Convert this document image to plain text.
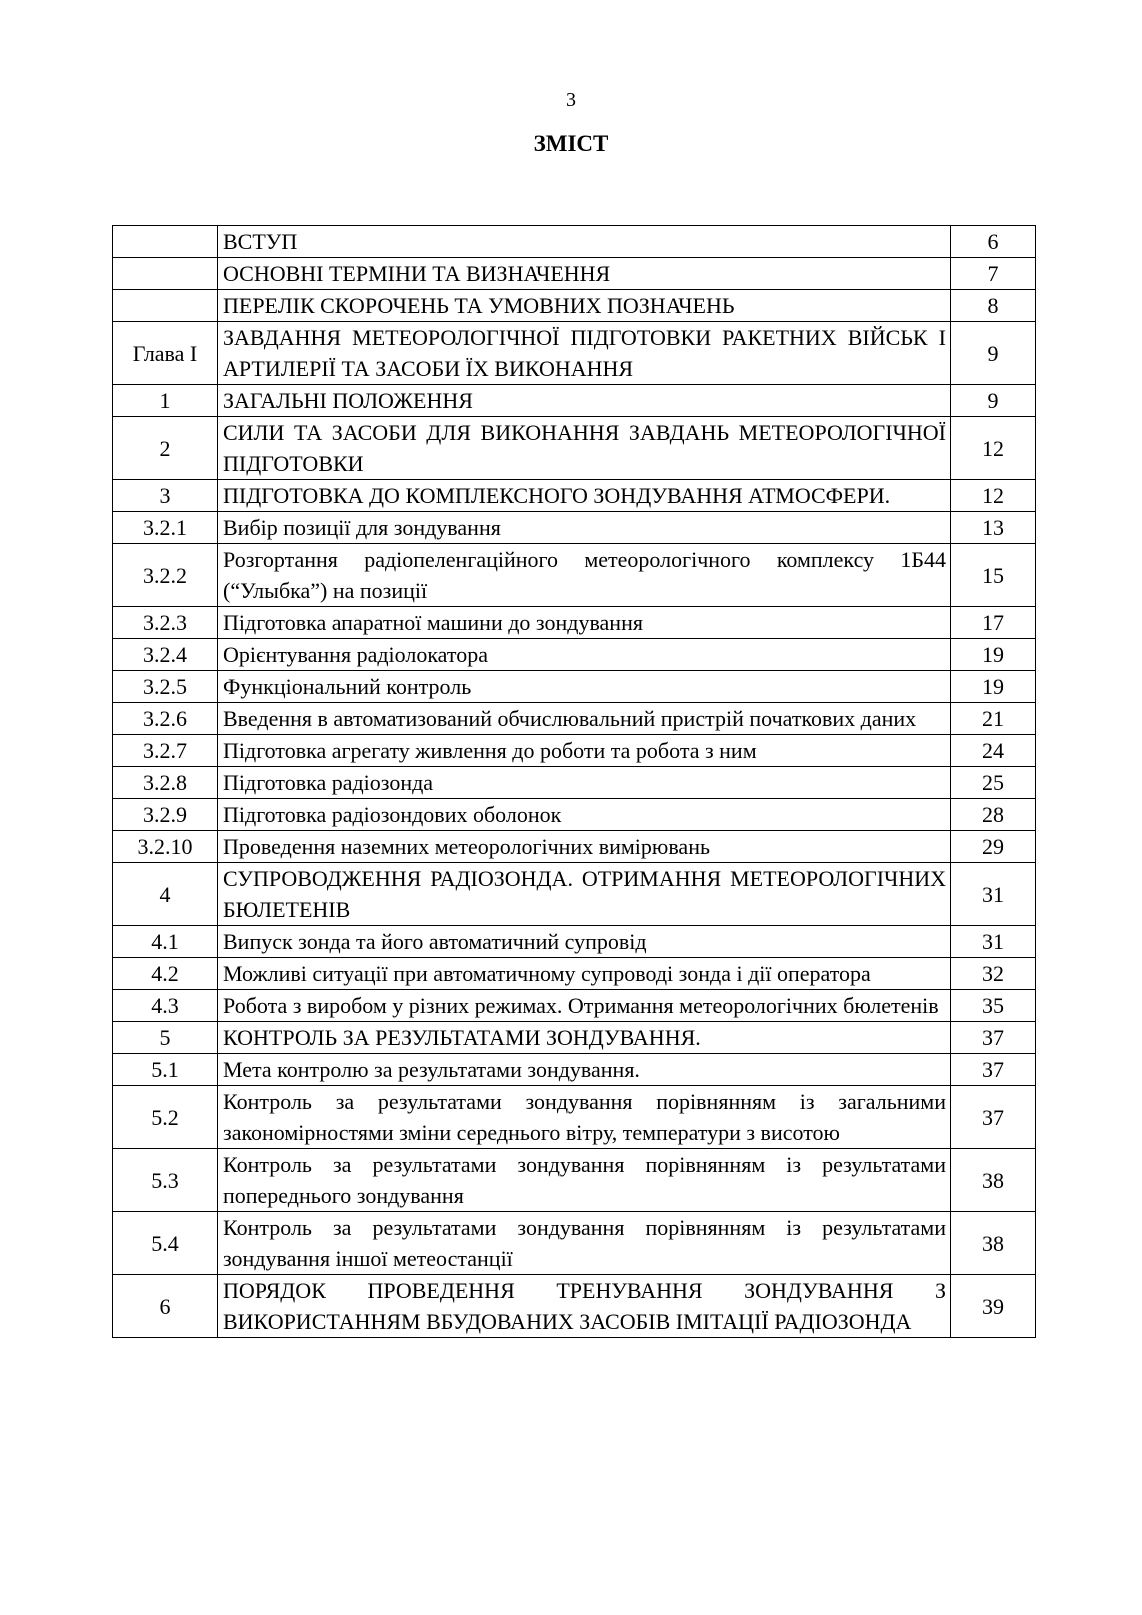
3
ЗМІСТ
	ВСТУП	6
	ОСНОВНІ ТЕРМІНИ ТА ВИЗНАЧЕННЯ	7
	ПЕРЕЛІК СКОРОЧЕНЬ ТА УМОВНИХ ПОЗНАЧЕНЬ	8
Глава І	ЗАВДАННЯ МЕТЕОРОЛОГІЧНОЇ ПІДГОТОВКИ РАКЕТНИХ ВІЙСЬК І АРТИЛЕРІЇ ТА ЗАСОБИ ЇХ ВИКОНАННЯ	9
1	ЗАГАЛЬНІ ПОЛОЖЕННЯ	9
2	СИЛИ ТА ЗАСОБИ ДЛЯ ВИКОНАННЯ ЗАВДАНЬ МЕТЕОРОЛОГІЧНОЇ ПІДГОТОВКИ	12
3	ПІДГОТОВКА ДО КОМПЛЕКСНОГО ЗОНДУВАННЯ АТМОСФЕРИ.	12
3.2.1	Вибір позиції для зондування	13
3.2.2	Розгортання радіопеленгаційного метеорологічного комплексу 1Б44 (“Улыбка”) на позиції	15
3.2.3	Підготовка апаратної машини до зондування	17
3.2.4	Орієнтування радіолокатора	19
3.2.5	Функціональний контроль	19
3.2.6	Введення в автоматизований обчислювальний пристрій початкових даних	21
3.2.7	Підготовка агрегату живлення до роботи та робота з ним	24
3.2.8	Підготовка радіозонда	25
3.2.9	Підготовка радіозондових оболонок	28
3.2.10	Проведення наземних метеорологічних вимірювань	29
4	СУПРОВОДЖЕННЯ РАДІОЗОНДА. ОТРИМАННЯ МЕТЕОРОЛОГІЧНИХ БЮЛЕТЕНІВ	31
4.1	Випуск зонда та його автоматичний супровід	31
4.2	Можливі ситуації при автоматичному супроводі зонда і дії оператора	32
4.3	Робота з виробом у різних режимах. Отримання метеорологічних бюлетенів	35
5	КОНТРОЛЬ ЗА РЕЗУЛЬТАТАМИ ЗОНДУВАННЯ.	37
5.1	Мета контролю за результатами зондування.	37
5.2	Контроль за результатами зондування порівнянням із загальними закономірностями зміни середнього вітру, температури з висотою	37
5.3	Контроль за результатами зондування порівнянням із результатами попереднього зондування	38
5.4	Контроль за результатами зондування порівнянням із результатами зондування іншої метеостанції	38
6	ПОРЯДОК ПРОВЕДЕННЯ ТРЕНУВАННЯ ЗОНДУВАННЯ З ВИКОРИСТАННЯМ ВБУДОВАНИХ ЗАСОБІВ ІМІТАЦІЇ РАДІОЗОНДА	39
